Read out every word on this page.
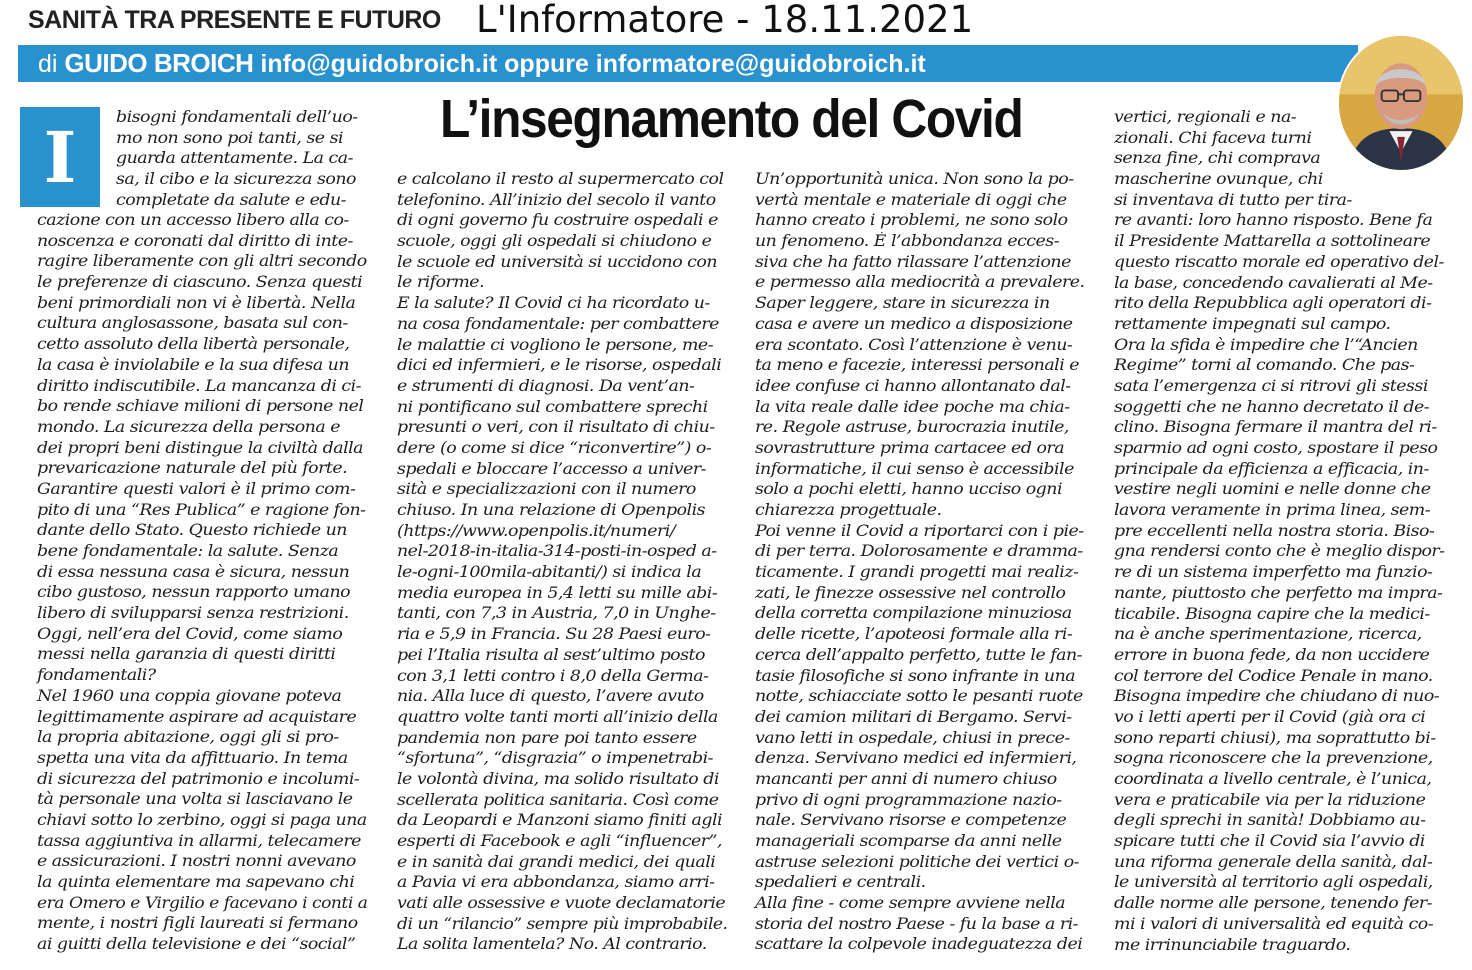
SANITÀ TRA PRESENTE E FUTURO L'Informatore - 18.11.2021
di GUIDO BROICH info@guidobroich.it oppure informatore@guidobroich.it
L’insegnamento del Covid
I	bisogni fondamentali dell’uo-
mo non sono poi tanti, se si
guarda attentamente. La ca-
sa, il cibo e la sicurezza sono
completate da salute e edu-
cazione con un accesso libero alla co-
noscenza e coronati dal diritto di inte-
ragire liberamente con gli altri secondo
le preferenze di ciascuno. Senza questi
beni primordiali non vi è libertà. Nella
cultura anglosassone, basata sul con-
cetto assoluto della libertà personale,
la casa è inviolabile e la sua difesa un
diritto indiscutibile. La mancanza di ci-
bo rende schiave milioni di persone nel
mondo. La sicurezza della persona e
dei propri beni distingue la civiltà dalla
prevaricazione naturale del più forte.
Garantire questi valori è il primo com-
pito di una “Res Publica” e ragione fon-
dante dello Stato. Questo richiede un
bene fondamentale: la salute. Senza
di essa nessuna casa è sicura, nessun
cibo gustoso, nessun rapporto umano
libero di svilupparsi senza restrizioni.
Oggi, nell’era del Covid, come siamo
messi nella garanzia di questi diritti
fondamentali?
Nel 1960 una coppia giovane poteva
legittimamente aspirare ad acquistare
la propria abitazione, oggi gli si pro-
spetta una vita da affittuario. In tema
di sicurezza del patrimonio e incolumi-
tà personale una volta si lasciavano le
chiavi sotto lo zerbino, oggi si paga una
tassa aggiuntiva in allarmi, telecamere
e assicurazioni. I nostri nonni avevano
la quinta elementare ma sapevano chi
era Omero e Virgilio e facevano i conti a
mente, i nostri figli laureati si fermano
ai guitti della televisione e dei “social”
e calcolano il resto al supermercato col
telefonino. All’inizio del secolo il vanto
di ogni governo fu costruire ospedali e
scuole, oggi gli ospedali si chiudono e
le scuole ed università si uccidono con
le riforme.
E la salute? Il Covid ci ha ricordato u-
na cosa fondamentale: per combattere
le malattie ci vogliono le persone, me-
dici ed infermieri, e le risorse, ospedali
e strumenti di diagnosi. Da vent’an-
ni pontificano sul combattere sprechi
presunti o veri, con il risultato di chiu-
dere (o come si dice “riconvertire”) o-
spedali e bloccare l’accesso a univer-
sità e specializzazioni con il numero
chiuso. In una relazione di Openpolis
(https://www.openpolis.it/numeri/
nel-2018-in-italia-314-posti-in-osped a-
le-ogni-100mila-abitanti/) si indica la
media europea in 5,4 letti su mille abi-
tanti, con 7,3 in Austria, 7,0 in Unghe-
ria e 5,9 in Francia. Su 28 Paesi euro-
pei l’Italia risulta al sest’ultimo posto
con 3,1 letti contro i 8,0 della Germa-
nia. Alla luce di questo, l’avere avuto
quattro volte tanti morti all’inizio della
pandemia non pare poi tanto essere
“sfortuna”, “disgrazia” o impenetrabi-
le volontà divina, ma solido risultato di
scellerata politica sanitaria. Così come
da Leopardi e Manzoni siamo finiti agli
esperti di Facebook e agli “influencer”,
e in sanità dai grandi medici, dei quali
a Pavia vi era abbondanza, siamo arri-
vati alle ossessive e vuote declamatorie
di un “rilancio” sempre più improbabile.
La solita lamentela? No. Al contrario.
Un’opportunità unica. Non sono la po-
vertà mentale e materiale di oggi che
hanno creato i problemi, ne sono solo
un fenomeno. È l’abbondanza ecces-
siva che ha fatto rilassare l’attenzione
e permesso alla mediocrità a prevalere.
Saper leggere, stare in sicurezza in
casa e avere un medico a disposizione
era scontato. Così l’attenzione è venu-
ta meno e facezie, interessi personali e
idee confuse ci hanno allontanato dal-
la vita reale dalle idee poche ma chia-
re. Regole astruse, burocrazia inutile,
sovrastrutture prima cartacee ed ora
informatiche, il cui senso è accessibile
solo a pochi eletti, hanno ucciso ogni
chiarezza progettuale.
Poi venne il Covid a riportarci con i pie-
di per terra. Dolorosamente e dramma-
ticamente. I grandi progetti mai realiz-
zati, le finezze ossessive nel controllo
della corretta compilazione minuziosa
delle ricette, l’apoteosi formale alla ri-
cerca dell’appalto perfetto, tutte le fan-
tasie filosofiche si sono infrante in una
notte, schiacciate sotto le pesanti ruote
dei camion militari di Bergamo. Servi-
vano letti in ospedale, chiusi in prece-
denza. Servivano medici ed infermieri,
mancanti per anni di numero chiuso
privo di ogni programmazione nazio-
nale. Servivano risorse e competenze
manageriali scomparse da anni nelle
astruse selezioni politiche dei vertici o-
spedalieri e centrali.
Alla fine - come sempre avviene nella
storia del nostro Paese - fu la base a ri-
scattare la colpevole inadeguatezza dei
vertici, regionali e na-
zionali. Chi faceva turni
senza fine, chi comprava
mascherine ovunque, chi
si inventava di tutto per tira-
re avanti: loro hanno risposto. Bene fa
il Presidente Mattarella a sottolineare
questo riscatto morale ed operativo del-
la base, concedendo cavalierati al Me-
rito della Repubblica agli operatori di-
rettamente impegnati sul campo.
Ora la sfida è impedire che l’“Ancien
Regime” torni al comando. Che pas-
sata l’emergenza ci si ritrovi gli stessi
soggetti che ne hanno decretato il de-
clino. Bisogna fermare il mantra del ri-
sparmio ad ogni costo, spostare il peso
principale da efficienza a efficacia, in-
vestire negli uomini e nelle donne che
lavora veramente in prima linea, sem-
pre eccellenti nella nostra storia. Biso-
gna rendersi conto che è meglio dispor-
re di un sistema imperfetto ma funzio-
nante, piuttosto che perfetto ma impra-
ticabile. Bisogna capire che la medici-
na è anche sperimentazione, ricerca,
errore in buona fede, da non uccidere
col terrore del Codice Penale in mano.
Bisogna impedire che chiudano di nuo-
vo i letti aperti per il Covid (già ora ci
sono reparti chiusi), ma soprattutto bi-
sogna riconoscere che la prevenzione,
coordinata a livello centrale, è l’unica,
vera e praticabile via per la riduzione
degli sprechi in sanità! Dobbiamo au-
spicare tutti che il Covid sia l’avvio di
una riforma generale della sanità, dal-
le università al territorio agli ospedali,
dalle norme alle persone, tenendo fer-
mi i valori di universalità ed equità co-
me irrinunciabile traguardo.
